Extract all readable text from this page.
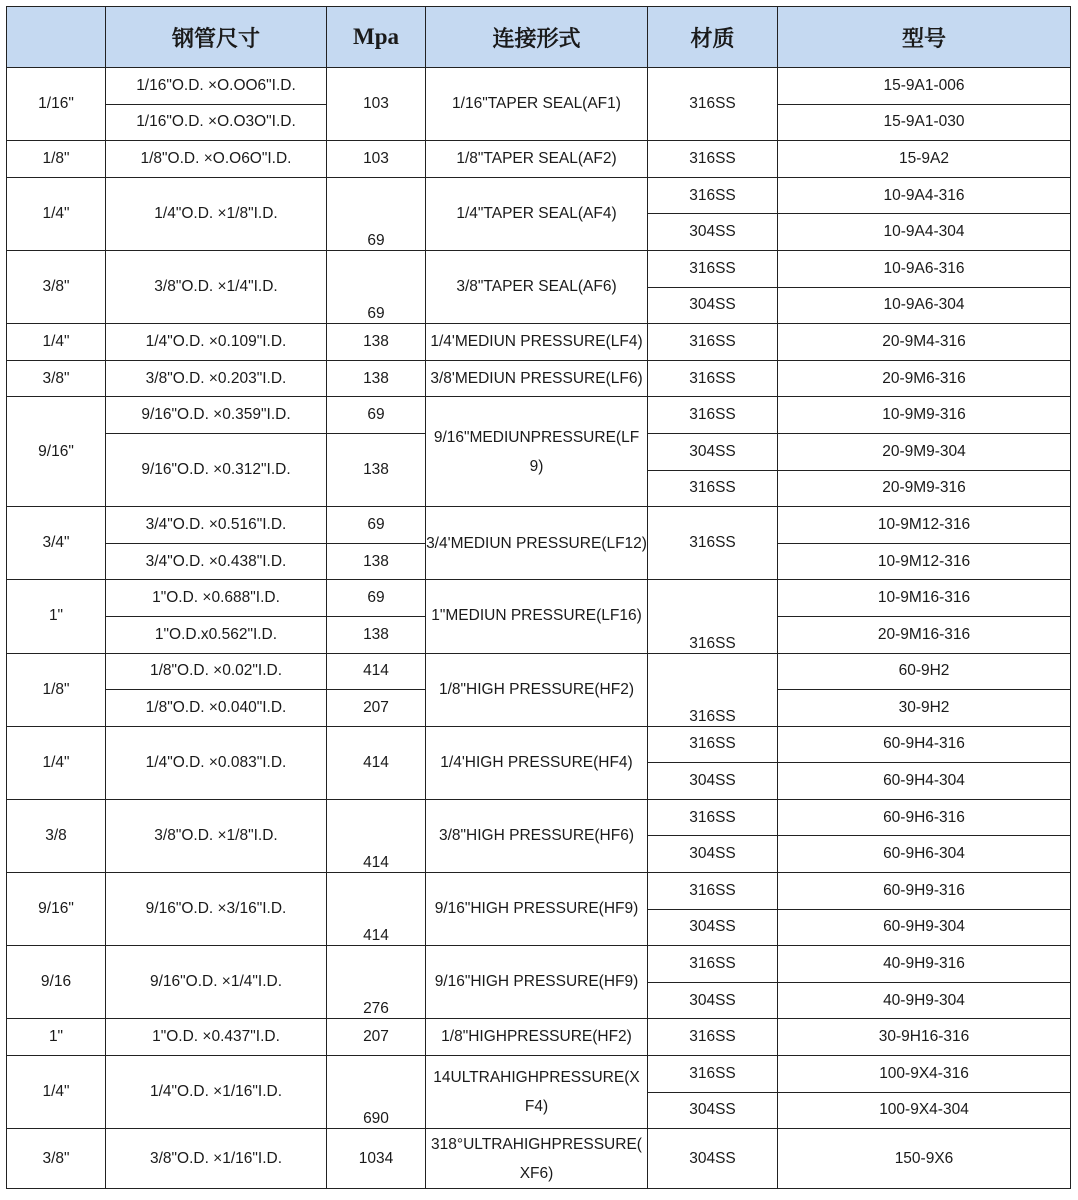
	钢管尺寸	Mpa	连接形式	材质	型号
1/16"	1/16"O.D. ×O.OO6"I.D.	103	1/16"TAPER SEAL(AF1)	316SS	15-9A1-006
	1/16"O.D. ×O.O3O"I.D.				15-9A1-030
1/8"	1/8"O.D. ×O.O6O"I.D.	103	1/8"TAPER SEAL(AF2)	316SS	15-9A2
1/4"	1/4"O.D. ×1/8"I.D.	69	1/4"TAPER SEAL(AF4)	316SS	10-9A4-316
				304SS	10-9A4-304
3/8"	3/8"O.D. ×1/4"I.D.	69	3/8"TAPER SEAL(AF6)	316SS	10-9A6-316
				304SS	10-9A6-304
1/4"	1/4"O.D. ×0.109"I.D.	138	1/4'MEDIUN PRESSURE(LF4)	316SS	20-9M4-316
3/8"	3/8"O.D. ×0.203"I.D.	138	3/8'MEDIUN PRESSURE(LF6)	316SS	20-9M6-316
9/16"	9/16"O.D. ×0.359"I.D.	69	9/16"MEDIUNPRESSURE(LF 9)	316SS	10-9M9-316
	9/16"O.D. ×0.312"I.D.	138		304SS	20-9M9-304
				316SS	20-9M9-316
3/4"	3/4"O.D. ×0.516"I.D.	69	3/4'MEDIUN PRESSURE(LF12)	316SS	10-9M12-316
	3/4"O.D. ×0.438"I.D.	138			10-9M12-316
1"	1"O.D. ×0.688"I.D.	69	1"MEDIUN PRESSURE(LF16)	316SS	10-9M16-316
	1"O.D.x0.562"I.D.	138			20-9M16-316
1/8"	1/8"O.D. ×0.02"I.D.	414	1/8"HIGH PRESSURE(HF2)	316SS	60-9H2
	1/8"O.D. ×0.040"I.D.	207			30-9H2
1/4"	1/4"O.D. ×0.083"I.D.	414	1/4'HIGH PRESSURE(HF4)	316SS	60-9H4-316
				304SS	60-9H4-304
3/8	3/8"O.D. ×1/8"I.D.	414	3/8"HIGH PRESSURE(HF6)	316SS	60-9H6-316
				304SS	60-9H6-304
9/16"	9/16"O.D. ×3/16"I.D.	414	9/16"HIGH PRESSURE(HF9)	316SS	60-9H9-316
				304SS	60-9H9-304
9/16	9/16"O.D. ×1/4"I.D.	276	9/16"HIGH PRESSURE(HF9)	316SS	40-9H9-316
				304SS	40-9H9-304
1"	1"O.D. ×0.437"I.D.	207	1/8"HIGHPRESSURE(HF2)	316SS	30-9H16-316
1/4"	1/4"O.D. ×1/16"I.D.	690	14ULTRAHIGHPRESSURE(X F4)	316SS	100-9X4-316
				304SS	100-9X4-304
3/8"	3/8"O.D. ×1/16"I.D.	1034	318°ULTRAHIGHPRESSURE( XF6)	304SS	150-9X6
